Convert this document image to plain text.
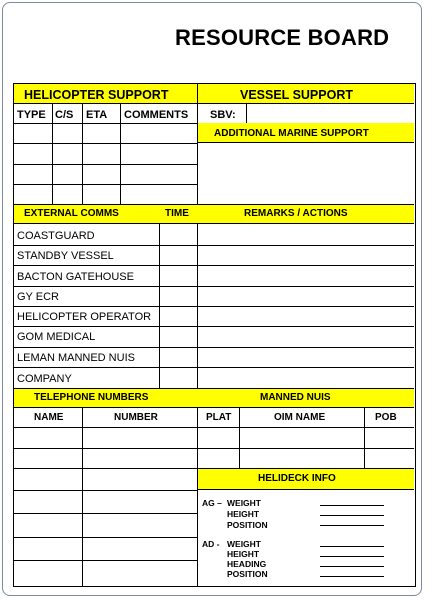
RESOURCE BOARD
HELICOPTER SUPPORT	VESSEL SUPPORT
TYPE C/S ETA COMMENTS SBV:
ADDITIONAL MARINE SUPPORT
EXTERNAL COMMS	TIME	REMARKS / ACTIONS
COASTGUARD
STANDBY VESSEL
BACTON GATEHOUSE
GY ECR
HELICOPTER OPERATOR
GOM MEDICAL
LEMAN MANNED NUIS
COMPANY
TELEPHONE NUMBERS	MANNED NUIS
NAME	NUMBER	PLAT	OIM NAME	POB
HELIDECK INFO
AG – WEIGHT
HEIGHT
POSITION
AD - WEIGHT
HEIGHT
HEADING
POSITION
